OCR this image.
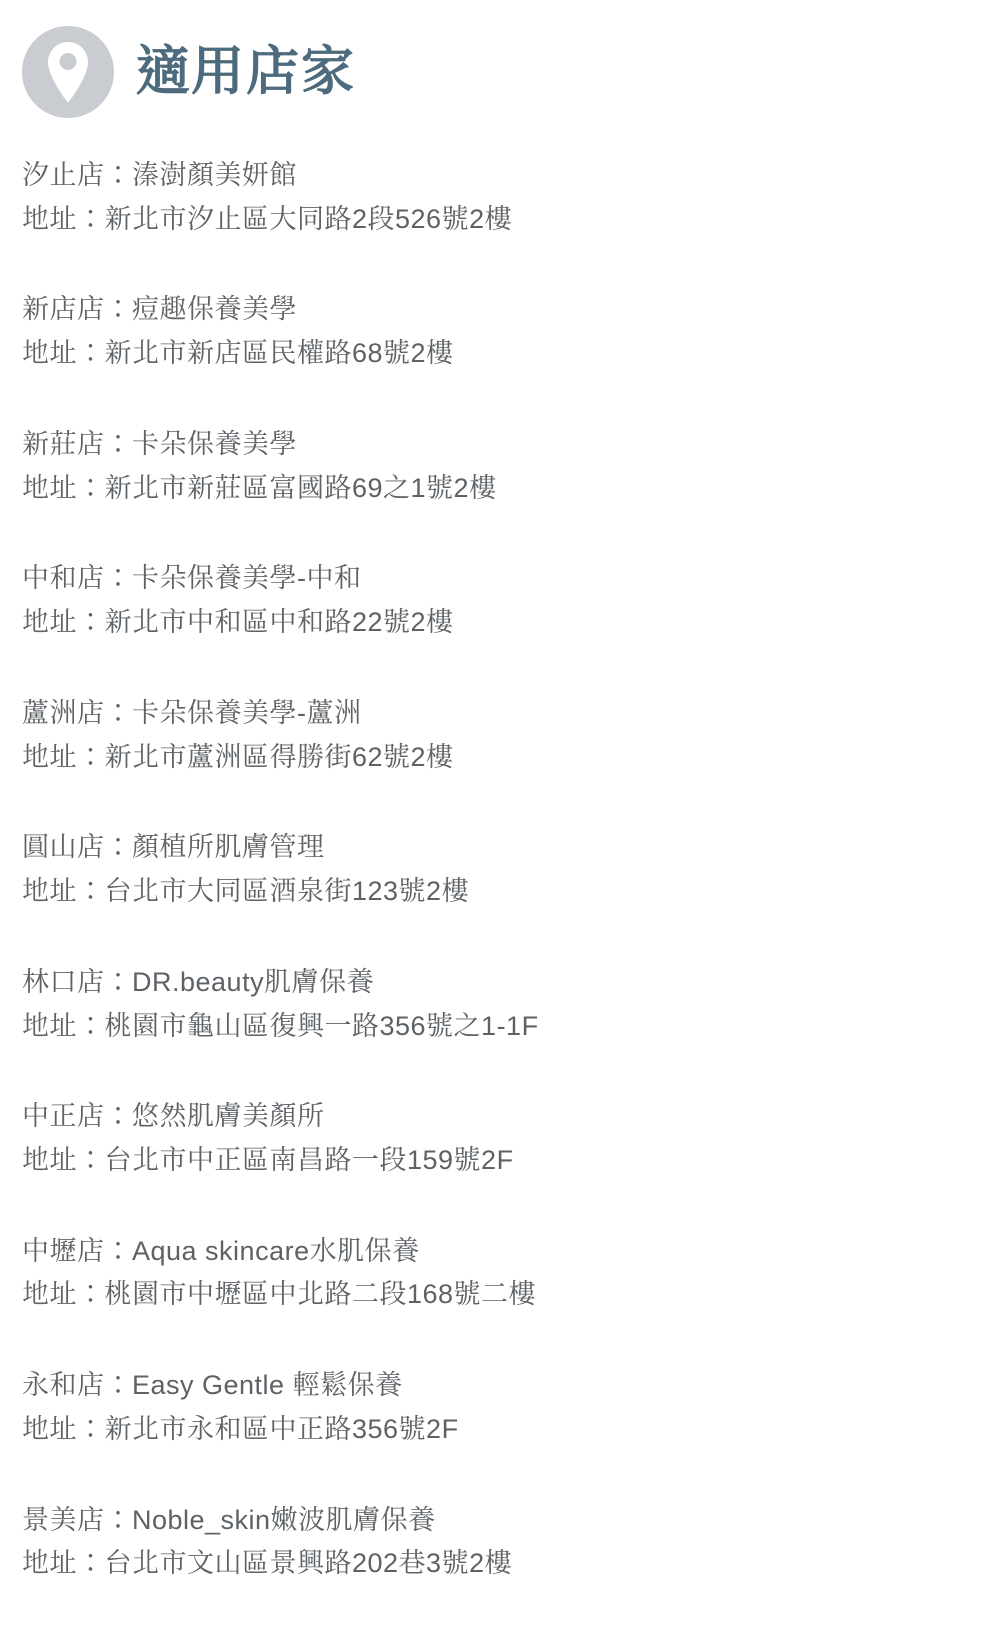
適用店家
汐止店：溱澍顏美妍館
地址：新北市汐止區大同路2段526號2樓
新店店：痘趣保養美學
地址：新北市新店區民權路68號2樓
新莊店：卡朵保養美學
地址：新北市新莊區富國路69之1號2樓
中和店：卡朵保養美學-中和
地址：新北市中和區中和路22號2樓
蘆洲店：卡朵保養美學-蘆洲
地址：新北市蘆洲區得勝街62號2樓
圓山店：顏植所肌膚管理
地址：台北市大同區酒泉街123號2樓
林口店：DR.beauty肌膚保養
地址：桃園市龜山區復興一路356號之1-1F
中正店：悠然肌膚美顏所
地址：台北市中正區南昌路一段159號2F
中壢店：Aqua skincare水肌保養
地址：桃園市中壢區中北路二段168號二樓
永和店：Easy Gentle 輕鬆保養
地址：新北市永和區中正路356號2F
景美店：Noble_skin嫩波肌膚保養
地址：台北市文山區景興路202巷3號2樓
